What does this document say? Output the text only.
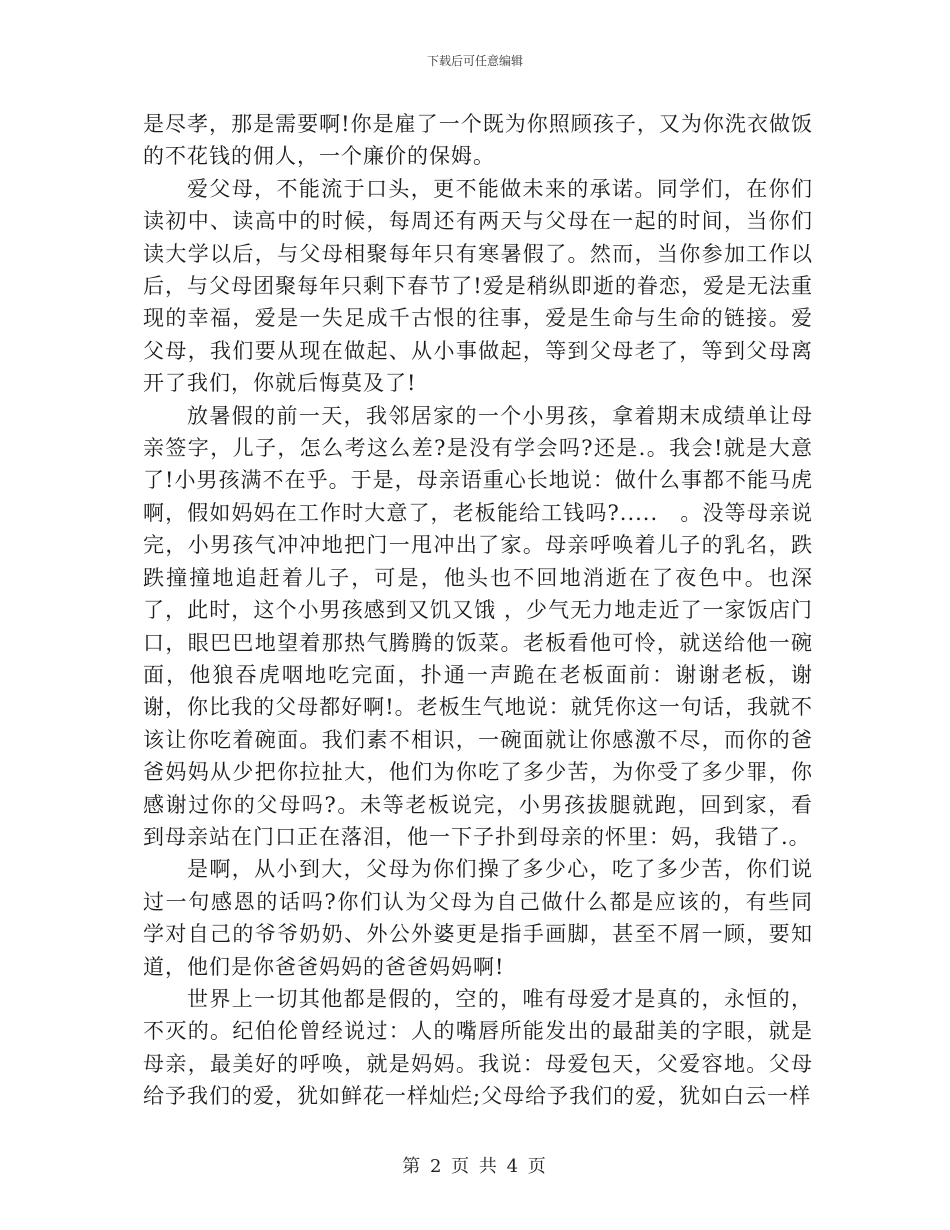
下载后可任意编辑

是尽孝，那是需要啊!你是雇了一个既为你照顾孩子，又为你洗衣做饭的不花钱的佣人，一个廉价的保姆。

爱父母，不能流于口头，更不能做未来的承诺。同学们，在你们读初中、读高中的时候，每周还有两天与父母在一起的时间，当你们读大学以后，与父母相聚每年只有寒暑假了。然而，当你参加工作以后，与父母团聚每年只剩下春节了!爱是稍纵即逝的眷恋，爱是无法重现的幸福，爱是一失足成千古恨的往事，爱是生命与生命的链接。爱父母，我们要从现在做起、从小事做起，等到父母老了，等到父母离开了我们，你就后悔莫及了!

放暑假的前一天，我邻居家的一个小男孩，拿着期末成绩单让母亲签字，儿子，怎么考这么差?是没有学会吗?还是.。我会!就是大意了!小男孩满不在乎。于是，母亲语重心长地说：做什么事都不能马虎啊，假如妈妈在工作时大意了，老板能给工钱吗?.....　。没等母亲说完，小男孩气冲冲地把门一甩冲出了家。母亲呼唤着儿子的乳名，跌跌撞撞地追赶着儿子，可是，他头也不回地消逝在了夜色中。也深了，此时，这个小男孩感到又饥又饿 ，少气无力地走近了一家饭店门口，眼巴巴地望着那热气腾腾的饭菜。老板看他可怜，就送给他一碗面，他狼吞虎咽地吃完面，扑通一声跪在老板面前：谢谢老板，谢谢，你比我的父母都好啊!。老板生气地说：就凭你这一句话，我就不该让你吃着碗面。我们素不相识，一碗面就让你感激不尽，而你的爸爸妈妈从少把你拉扯大，他们为你吃了多少苦，为你受了多少罪，你感谢过你的父母吗?。未等老板说完，小男孩拔腿就跑，回到家，看到母亲站在门口正在落泪，他一下子扑到母亲的怀里：妈，我错了.。

是啊，从小到大，父母为你们操了多少心，吃了多少苦，你们说过一句感恩的话吗?你们认为父母为自己做什么都是应该的，有些同学对自己的爷爷奶奶、外公外婆更是指手画脚，甚至不屑一顾，要知道，他们是你爸爸妈妈的爸爸妈妈啊!

世界上一切其他都是假的，空的，唯有母爱才是真的，永恒的，不灭的。纪伯伦曾经说过：人的嘴唇所能发出的最甜美的字眼，就是母亲，最美好的呼唤，就是妈妈。我说：母爱包天，父爱容地。父母给予我们的爱，犹如鲜花一样灿烂;父母给予我们的爱，犹如白云一样

第 2 页 共 4 页
